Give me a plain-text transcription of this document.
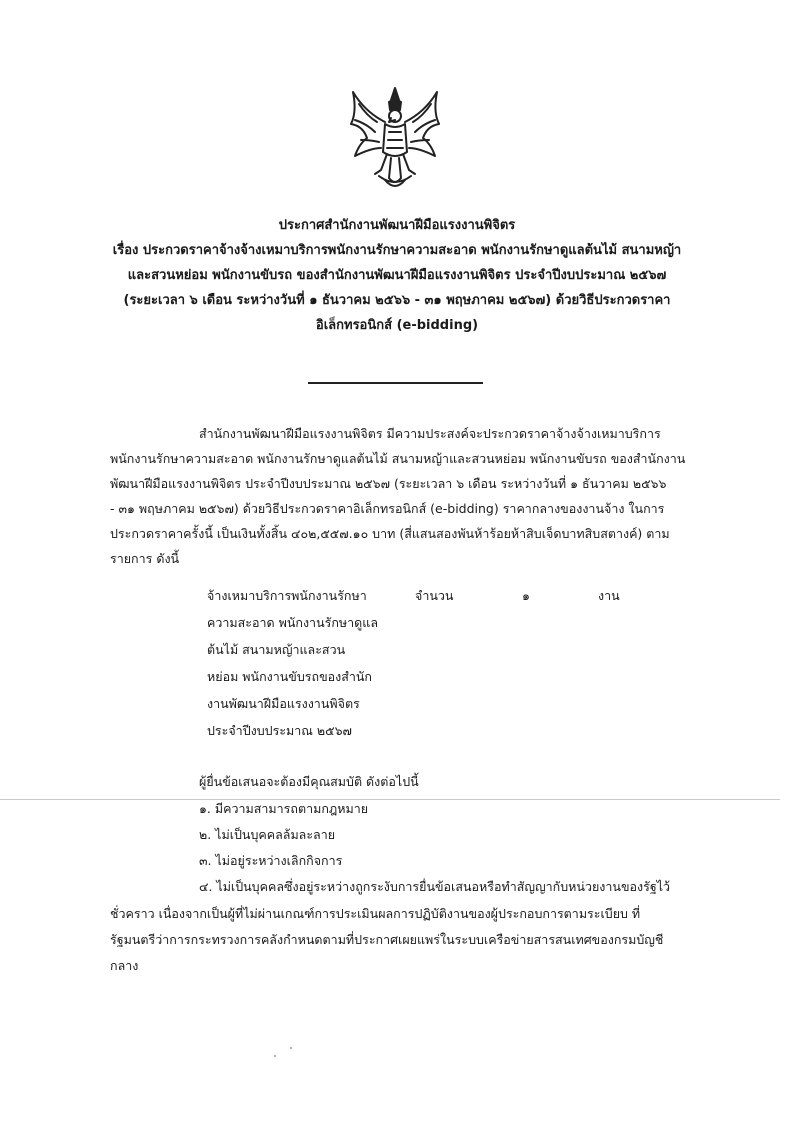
ประกาศสำนักงานพัฒนาฝีมือแรงงานพิจิตร
เรื่อง ประกวดราคาจ้างจ้างเหมาบริการพนักงานรักษาความสะอาด พนักงานรักษาดูแลต้นไม้ สนามหญ้า
และสวนหย่อม พนักงานขับรถ ของสำนักงานพัฒนาฝีมือแรงงานพิจิตร ประจำปีงบประมาณ ๒๕๖๗
(ระยะเวลา ๖ เดือน ระหว่างวันที่ ๑ ธันวาคม ๒๕๖๖ - ๓๑ พฤษภาคม ๒๕๖๗) ด้วยวิธีประกวดราคา
อิเล็กทรอนิกส์ (e-bidding)
สำนักงานพัฒนาฝีมือแรงงานพิจิตร มีความประสงค์จะประกวดราคาจ้างจ้างเหมาบริการ
พนักงานรักษาความสะอาด พนักงานรักษาดูแลต้นไม้ สนามหญ้าและสวนหย่อม พนักงานขับรถ ของสำนักงาน
พัฒนาฝีมือแรงงานพิจิตร ประจำปีงบประมาณ ๒๕๖๗ (ระยะเวลา ๖ เดือน ระหว่างวันที่ ๑ ธันวาคม ๒๕๖๖
- ๓๑ พฤษภาคม ๒๕๖๗) ด้วยวิธีประกวดราคาอิเล็กทรอนิกส์ (e-bidding) ราคากลางของงานจ้าง ในการ
ประกวดราคาครั้งนี้ เป็นเงินทั้งสิ้น ๔๐๒,๕๕๗.๑๐ บาท (สี่แสนสองพันห้าร้อยห้าสิบเจ็ดบาทสิบสตางค์) ตาม
รายการ ดังนี้
จ้างเหมาบริการพนักงานรักษา	จำนวน	๑	งาน
ความสะอาด พนักงานรักษาดูแล
ต้นไม้ สนามหญ้าและสวน
หย่อม พนักงานขับรถของสำนัก
งานพัฒนาฝีมือแรงงานพิจิตร
ประจำปีงบประมาณ ๒๕๖๗
ผู้ยื่นข้อเสนอจะต้องมีคุณสมบัติ ดังต่อไปนี้
๑. มีความสามารถตามกฎหมาย
๒. ไม่เป็นบุคคลล้มละลาย
๓. ไม่อยู่ระหว่างเลิกกิจการ
๔. ไม่เป็นบุคคลซึ่งอยู่ระหว่างถูกระงับการยื่นข้อเสนอหรือทำสัญญากับหน่วยงานของรัฐไว้
ชั่วคราว เนื่องจากเป็นผู้ที่ไม่ผ่านเกณฑ์การประเมินผลการปฏิบัติงานของผู้ประกอบการตามระเบียบ ที่
รัฐมนตรีว่าการกระทรวงการคลังกำหนดตามที่ประกาศเผยแพร่ในระบบเครือข่ายสารสนเทศของกรมบัญชี
กลาง
